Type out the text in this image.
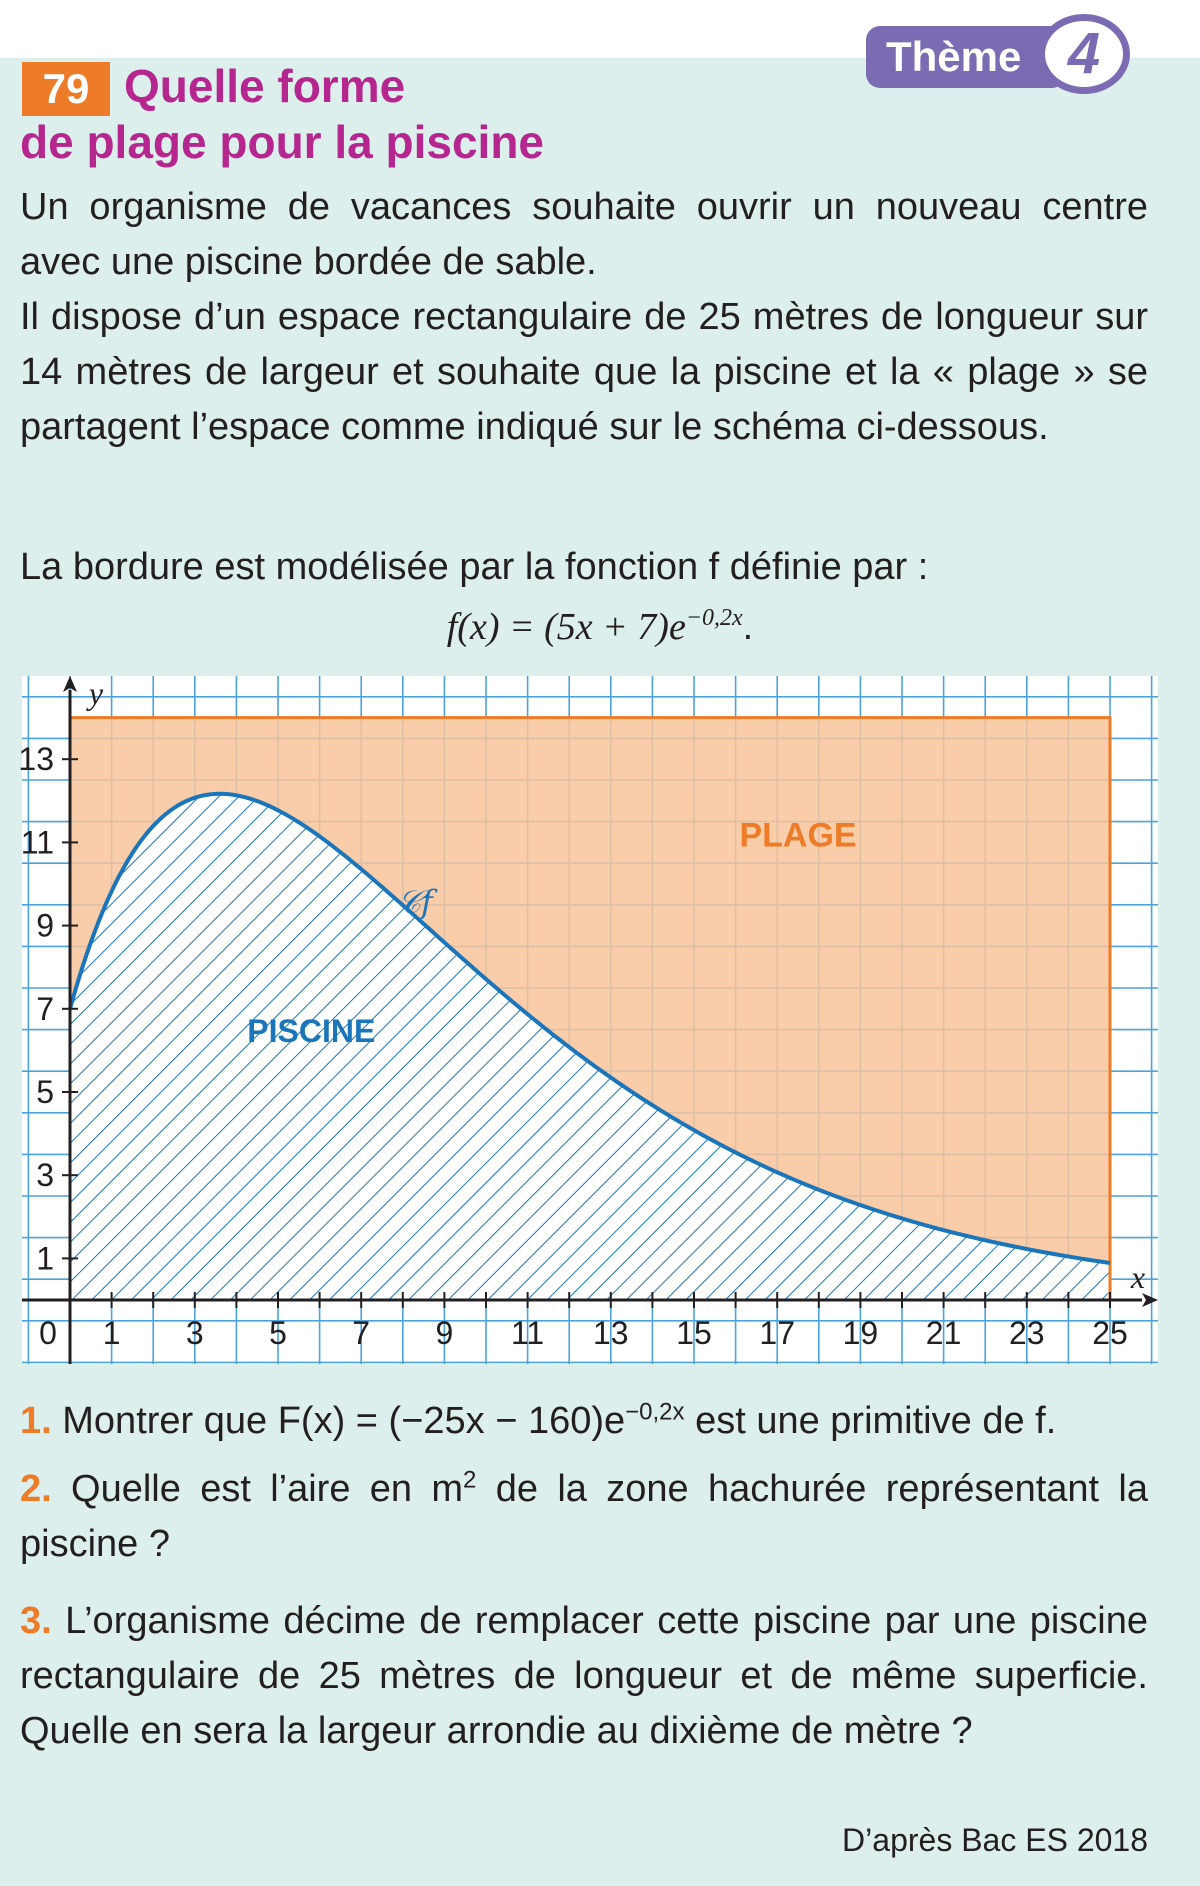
Thème 4
79 Quelle forme
de plage pour la piscine

Un organisme de vacances souhaite ouvrir un nouveau centre avec une piscine bordée de sable.

Il dispose d’un espace rectangulaire de 25 mètres de longueur sur 14 mètres de largeur et souhaite que la piscine et la « plage » se partagent l’espace comme indiqué sur le schéma ci-dessous.

La bordure est modélisée par la fonction f définie par :

$f(x) = (5x + 7)e^{-0,2x}$.
0 1 3 5 7 9 11 13 15 17 19 21 23 25
1
3
5
7
9
11
13
PLAGE
PISCINE
𝒞f
x
y

1. Montrer que $F(x) = (-25x - 160)e^{-0,2x}$ est une primitive de f.

2. Quelle est l’aire en $m^2$ de la zone hachurée représentant la piscine ?

3. L’organisme décime de remplacer cette piscine par une piscine rectangulaire de 25 mètres de longueur et de même superficie. Quelle en sera la largeur arrondie au dixième de mètre ?

D’après Bac ES 2018
